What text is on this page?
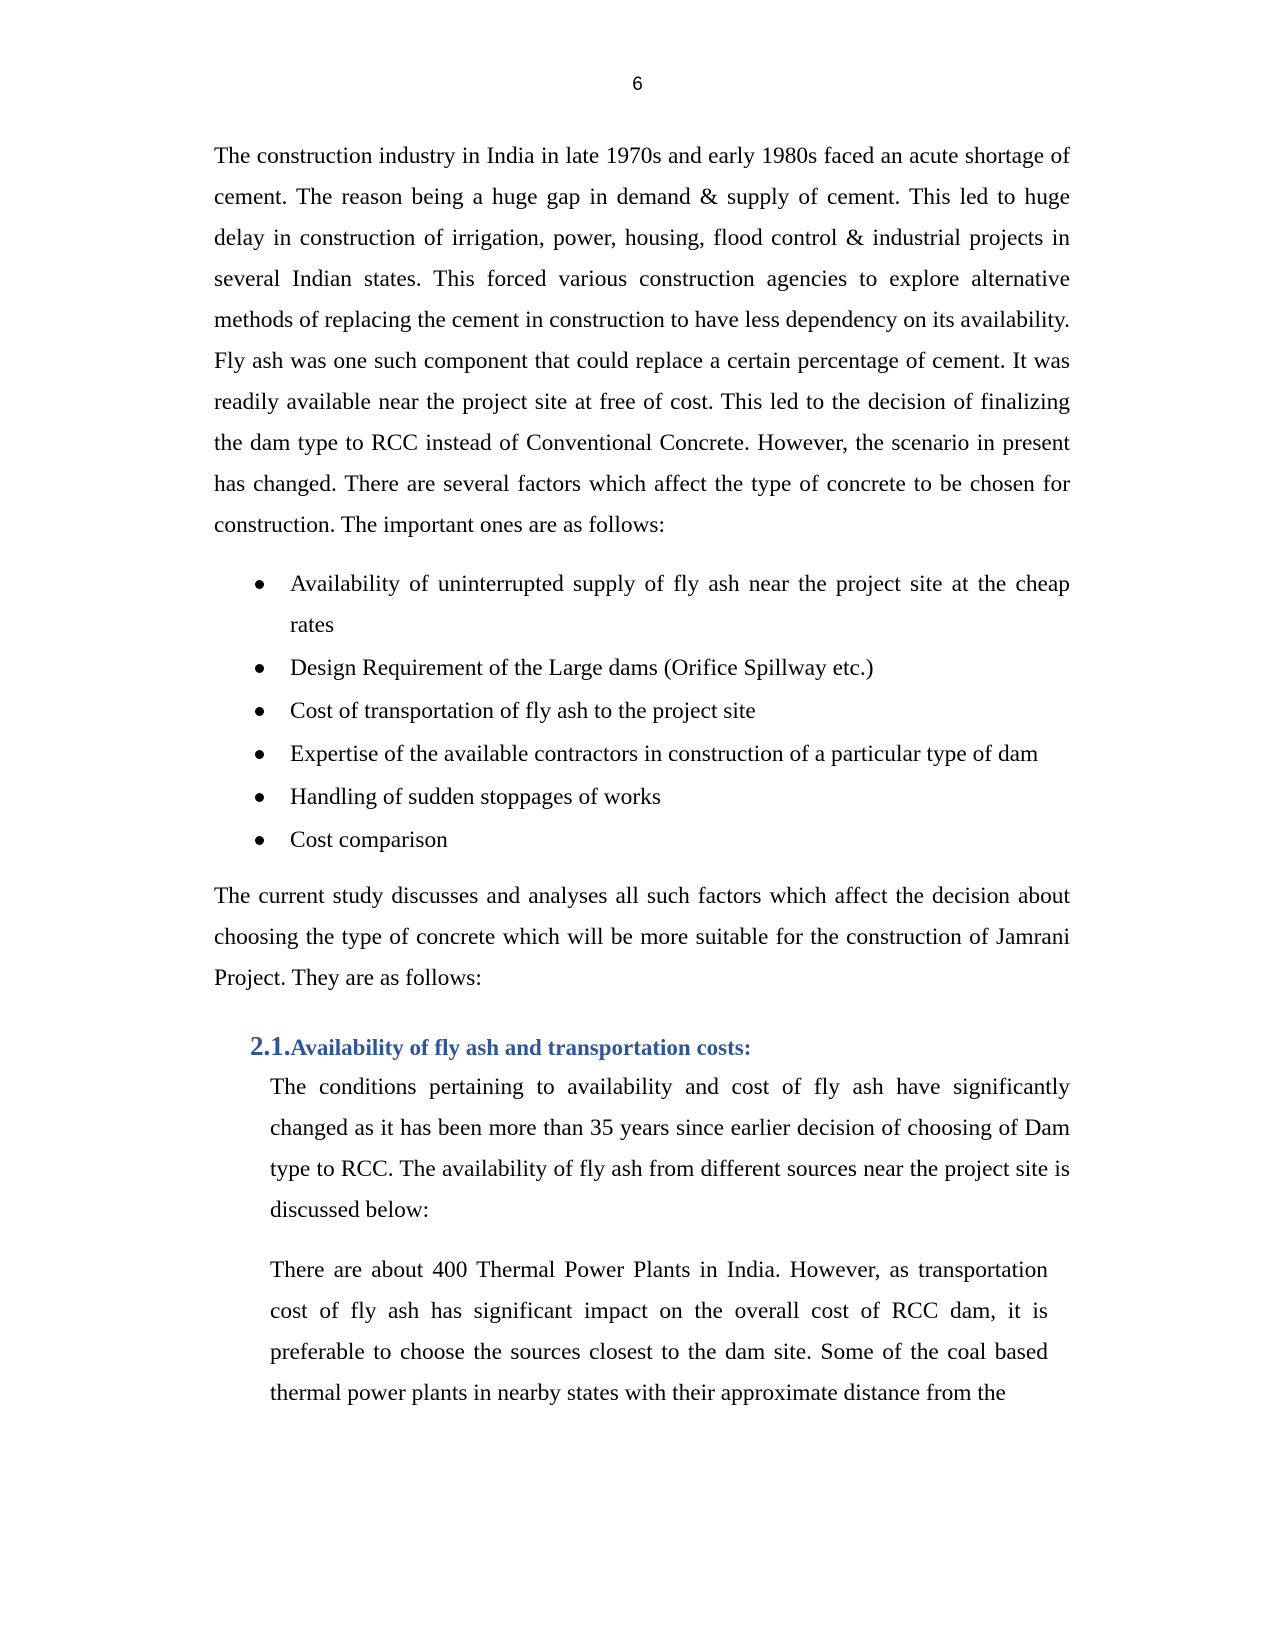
6

The construction industry in India in late 1970s and early 1980s faced an acute shortage of cement. The reason being a huge gap in demand & supply of cement. This led to huge delay in construction of irrigation, power, housing, flood control & industrial projects in several Indian states. This forced various construction agencies to explore alternative methods of replacing the cement in construction to have less dependency on its availability. Fly ash was one such component that could replace a certain percentage of cement. It was readily available near the project site at free of cost. This led to the decision of finalizing the dam type to RCC instead of Conventional Concrete. However, the scenario in present has changed. There are several factors which affect the type of concrete to be chosen for construction. The important ones are as follows:

Availability of uninterrupted supply of fly ash near the project site at the cheap rates
Design Requirement of the Large dams (Orifice Spillway etc.)
Cost of transportation of fly ash to the project site
Expertise of the available contractors in construction of a particular type of dam
Handling of sudden stoppages of works
Cost comparison

The current study discusses and analyses all such factors which affect the decision about choosing the type of concrete which will be more suitable for the construction of Jamrani Project. They are as follows:

2.1.Availability of fly ash and transportation costs:

The conditions pertaining to availability and cost of fly ash have significantly changed as it has been more than 35 years since earlier decision of choosing of Dam type to RCC. The availability of fly ash from different sources near the project site is discussed below:

There are about 400 Thermal Power Plants in India. However, as transportation cost of fly ash has significant impact on the overall cost of RCC dam, it is preferable to choose the sources closest to the dam site. Some of the coal based thermal power plants in nearby states with their approximate distance from the
